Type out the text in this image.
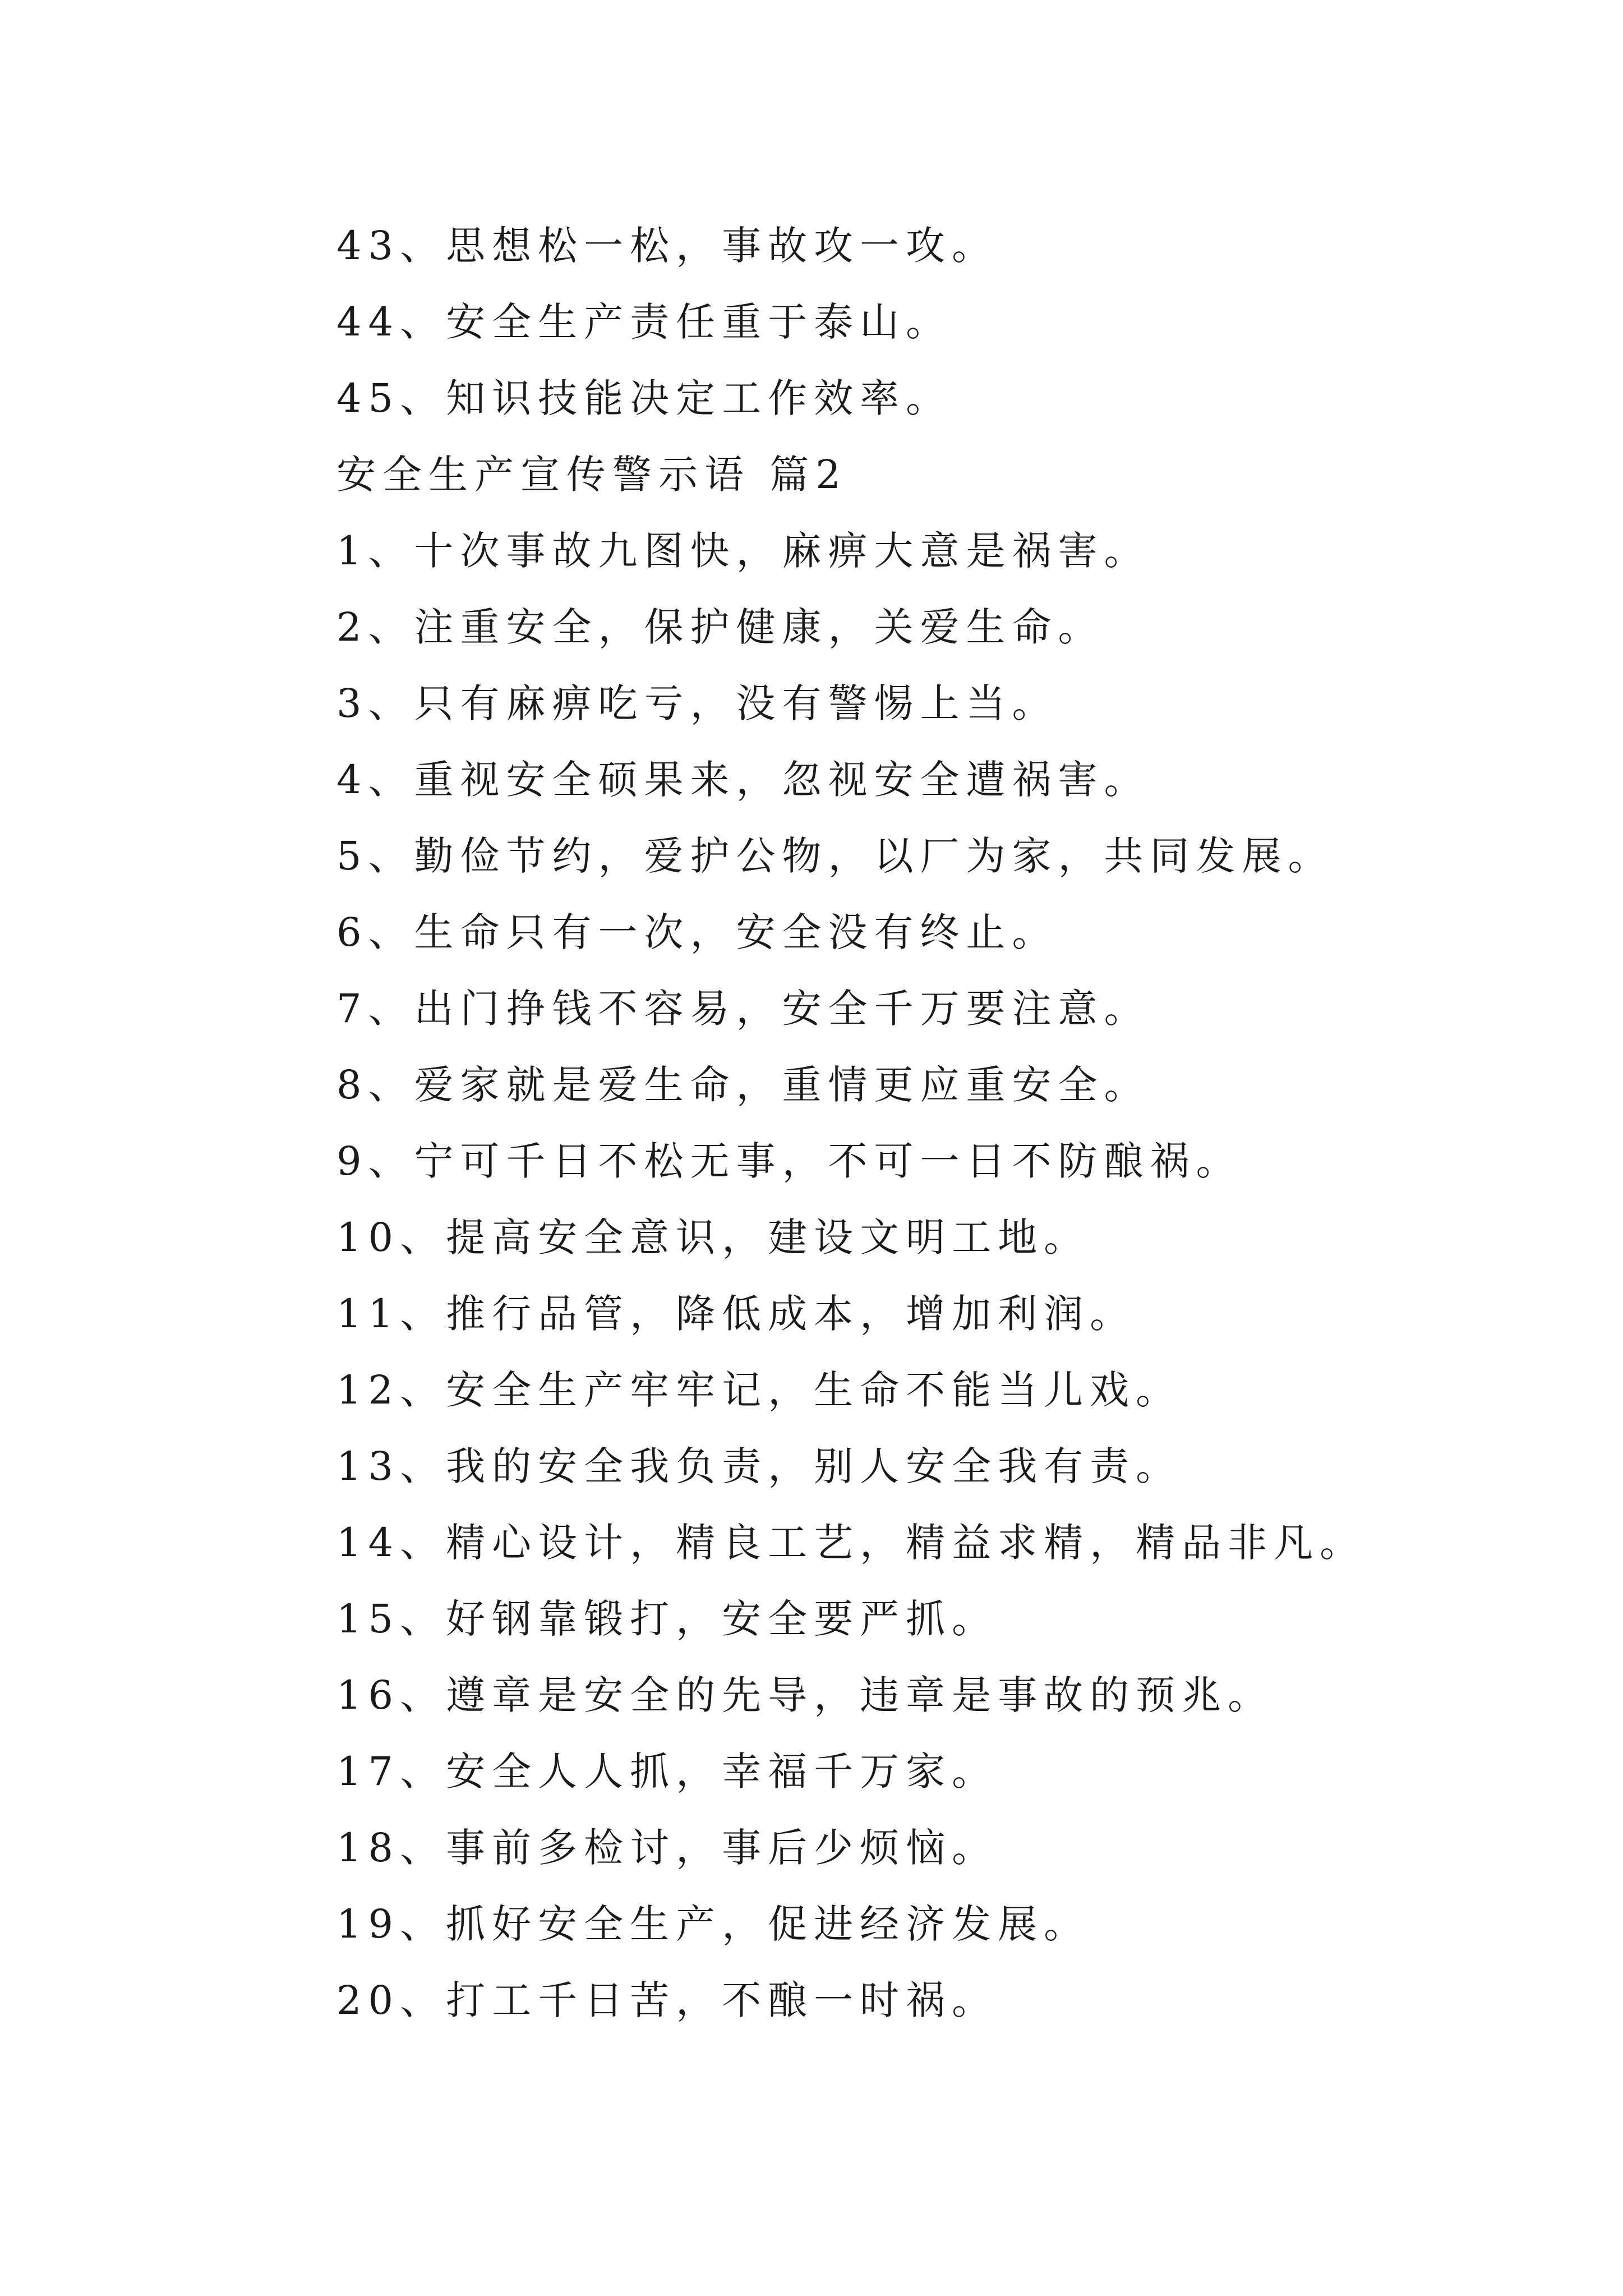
43、思想松一松，事故攻一攻。
44、安全生产责任重于泰山。
45、知识技能决定工作效率。
安全生产宣传警示语 篇2
1、十次事故九图快，麻痹大意是祸害。
2、注重安全，保护健康，关爱生命。
3、只有麻痹吃亏，没有警惕上当。
4、重视安全硕果来，忽视安全遭祸害。
5、勤俭节约，爱护公物，以厂为家，共同发展。
6、生命只有一次，安全没有终止。
7、出门挣钱不容易，安全千万要注意。
8、爱家就是爱生命，重情更应重安全。
9、宁可千日不松无事，不可一日不防酿祸。
10、提高安全意识，建设文明工地。
11、推行品管，降低成本，增加利润。
12、安全生产牢牢记，生命不能当儿戏。
13、我的安全我负责，别人安全我有责。
14、精心设计，精良工艺，精益求精，精品非凡。
15、好钢靠锻打，安全要严抓。
16、遵章是安全的先导，违章是事故的预兆。
17、安全人人抓，幸福千万家。
18、事前多检讨，事后少烦恼。
19、抓好安全生产，促进经济发展。
20、打工千日苦，不酿一时祸。
